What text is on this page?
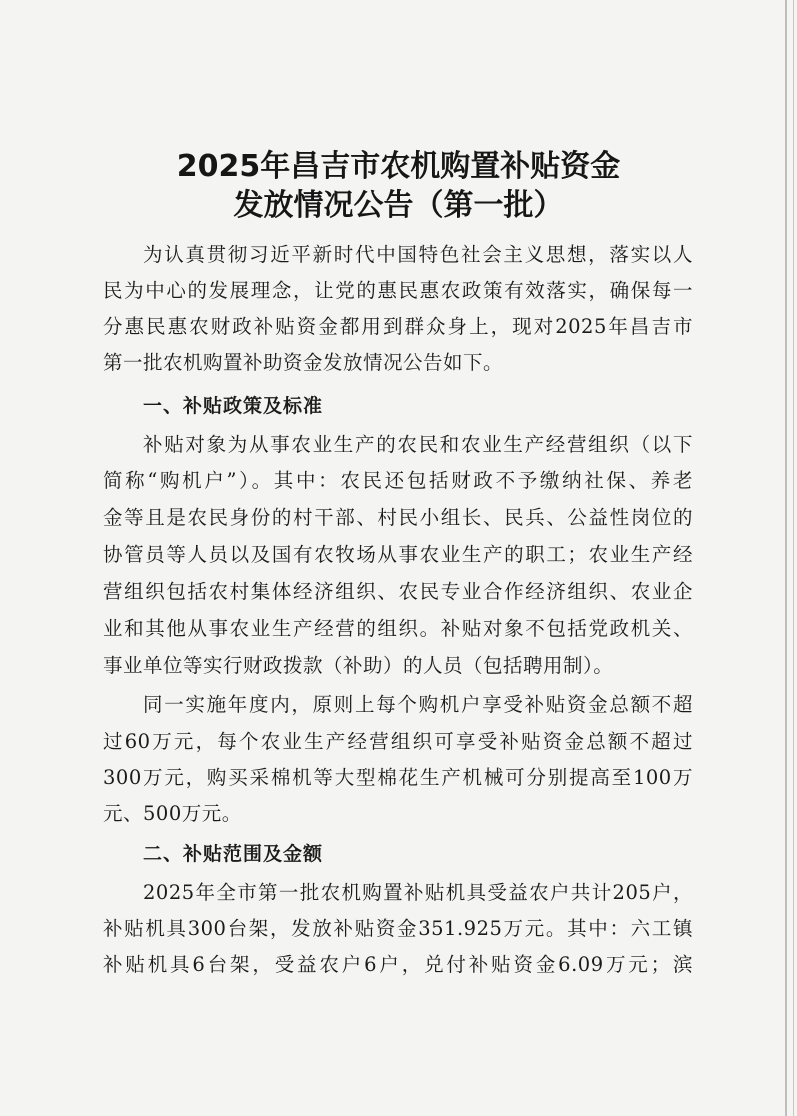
2025年昌吉市农机购置补贴资金
发放情况公告（第一批）
为认真贯彻习近平新时代中国特色社会主义思想，落实以人
民为中心的发展理念，让党的惠民惠农政策有效落实，确保每一
分惠民惠农财政补贴资金都用到群众身上，现对2025年昌吉市
第一批农机购置补助资金发放情况公告如下。
一、补贴政策及标准
补贴对象为从事农业生产的农民和农业生产经营组织（以下
简称“购机户”）。其中：农民还包括财政不予缴纳社保、养老
金等且是农民身份的村干部、村民小组长、民兵、公益性岗位的
协管员等人员以及国有农牧场从事农业生产的职工；农业生产经
营组织包括农村集体经济组织、农民专业合作经济组织、农业企
业和其他从事农业生产经营的组织。补贴对象不包括党政机关、
事业单位等实行财政拨款（补助）的人员（包括聘用制）。
同一实施年度内，原则上每个购机户享受补贴资金总额不超
过60万元，每个农业生产经营组织可享受补贴资金总额不超过
300万元，购买采棉机等大型棉花生产机械可分别提高至100万
元、500万元。
二、补贴范围及金额
2025年全市第一批农机购置补贴机具受益农户共计205户，
补贴机具300台架，发放补贴资金351.925万元。其中：六工镇
补贴机具6台架，受益农户6户，兑付补贴资金6.09万元；滨
